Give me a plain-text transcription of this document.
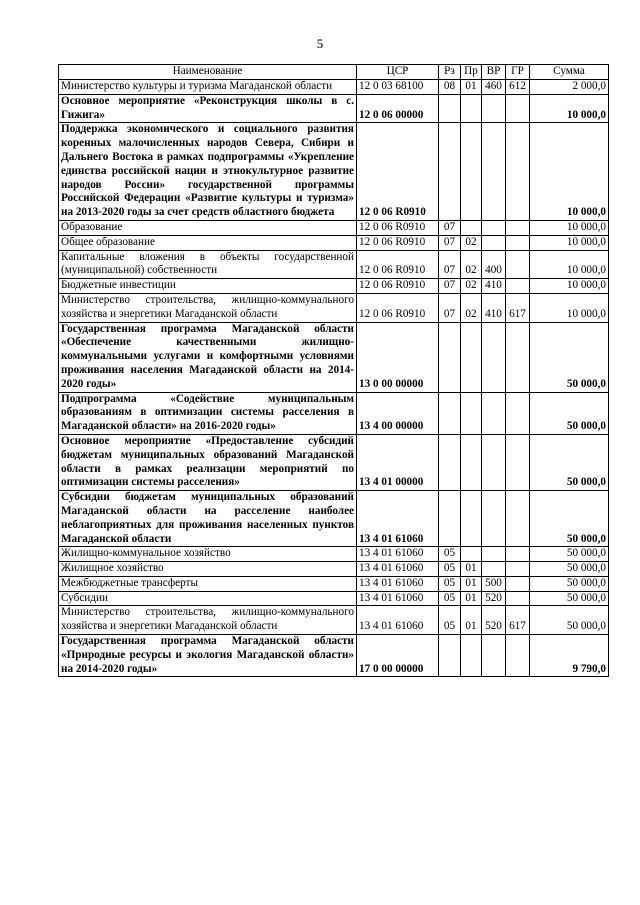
5
Наименование	ЦСР	Рз	Пр	ВР	ГР	Сумма
Министерство культуры и туризма Магаданской области	12 0 03 68100	08	01	460	612	2 000,0
Основное мероприятие «Реконструкция школы в с. Гижига»	12 0 06 00000					10 000,0
Поддержка экономического и социального развития коренных малочисленных народов Севера, Сибири и Дальнего Востока в рамках подпрограммы «Укрепление единства российской нации и этнокультурное развитие народов России» государственной программы Российской Федерации «Развитие культуры и туризма» на 2013-2020 годы за счет средств областного бюджета	12 0 06 R0910					10 000,0
Образование	12 0 06 R0910	07				10 000,0
Общее образование	12 0 06 R0910	07	02			10 000,0
Капитальные вложения в объекты государственной (муниципальной) собственности	12 0 06 R0910	07	02	400		10 000,0
Бюджетные инвестиции	12 0 06 R0910	07	02	410		10 000,0
Министерство строительства, жилищно-коммунального хозяйства и энергетики Магаданской области	12 0 06 R0910	07	02	410	617	10 000,0
Государственная программа Магаданской области «Обеспечение качественными жилищно-коммунальными услугами и комфортными условиями проживания населения Магаданской области на 2014-2020 годы»	13 0 00 00000					50 000,0
Подпрограмма «Содействие муниципальным образованиям в оптимизации системы расселения в Магаданской области» на 2016-2020 годы»	13 4 00 00000					50 000,0
Основное мероприятие «Предоставление субсидий бюджетам муниципальных образований Магаданской области в рамках реализации мероприятий по оптимизации системы расселения»	13 4 01 00000					50 000,0
Субсидии бюджетам муниципальных образований Магаданской области на расселение наиболее неблагоприятных для проживания населенных пунктов Магаданской области	13 4 01 61060					50 000,0
Жилищно-коммунальное хозяйство	13 4 01 61060	05				50 000,0
Жилищное хозяйство	13 4 01 61060	05	01			50 000,0
Межбюджетные трансферты	13 4 01 61060	05	01	500		50 000,0
Субсидии	13 4 01 61060	05	01	520		50 000,0
Министерство строительства, жилищно-коммунального хозяйства и энергетики Магаданской области	13 4 01 61060	05	01	520	617	50 000,0
Государственная программа Магаданской области «Природные ресурсы и экология Магаданской области» на 2014-2020 годы»	17 0 00 00000					9 790,0
